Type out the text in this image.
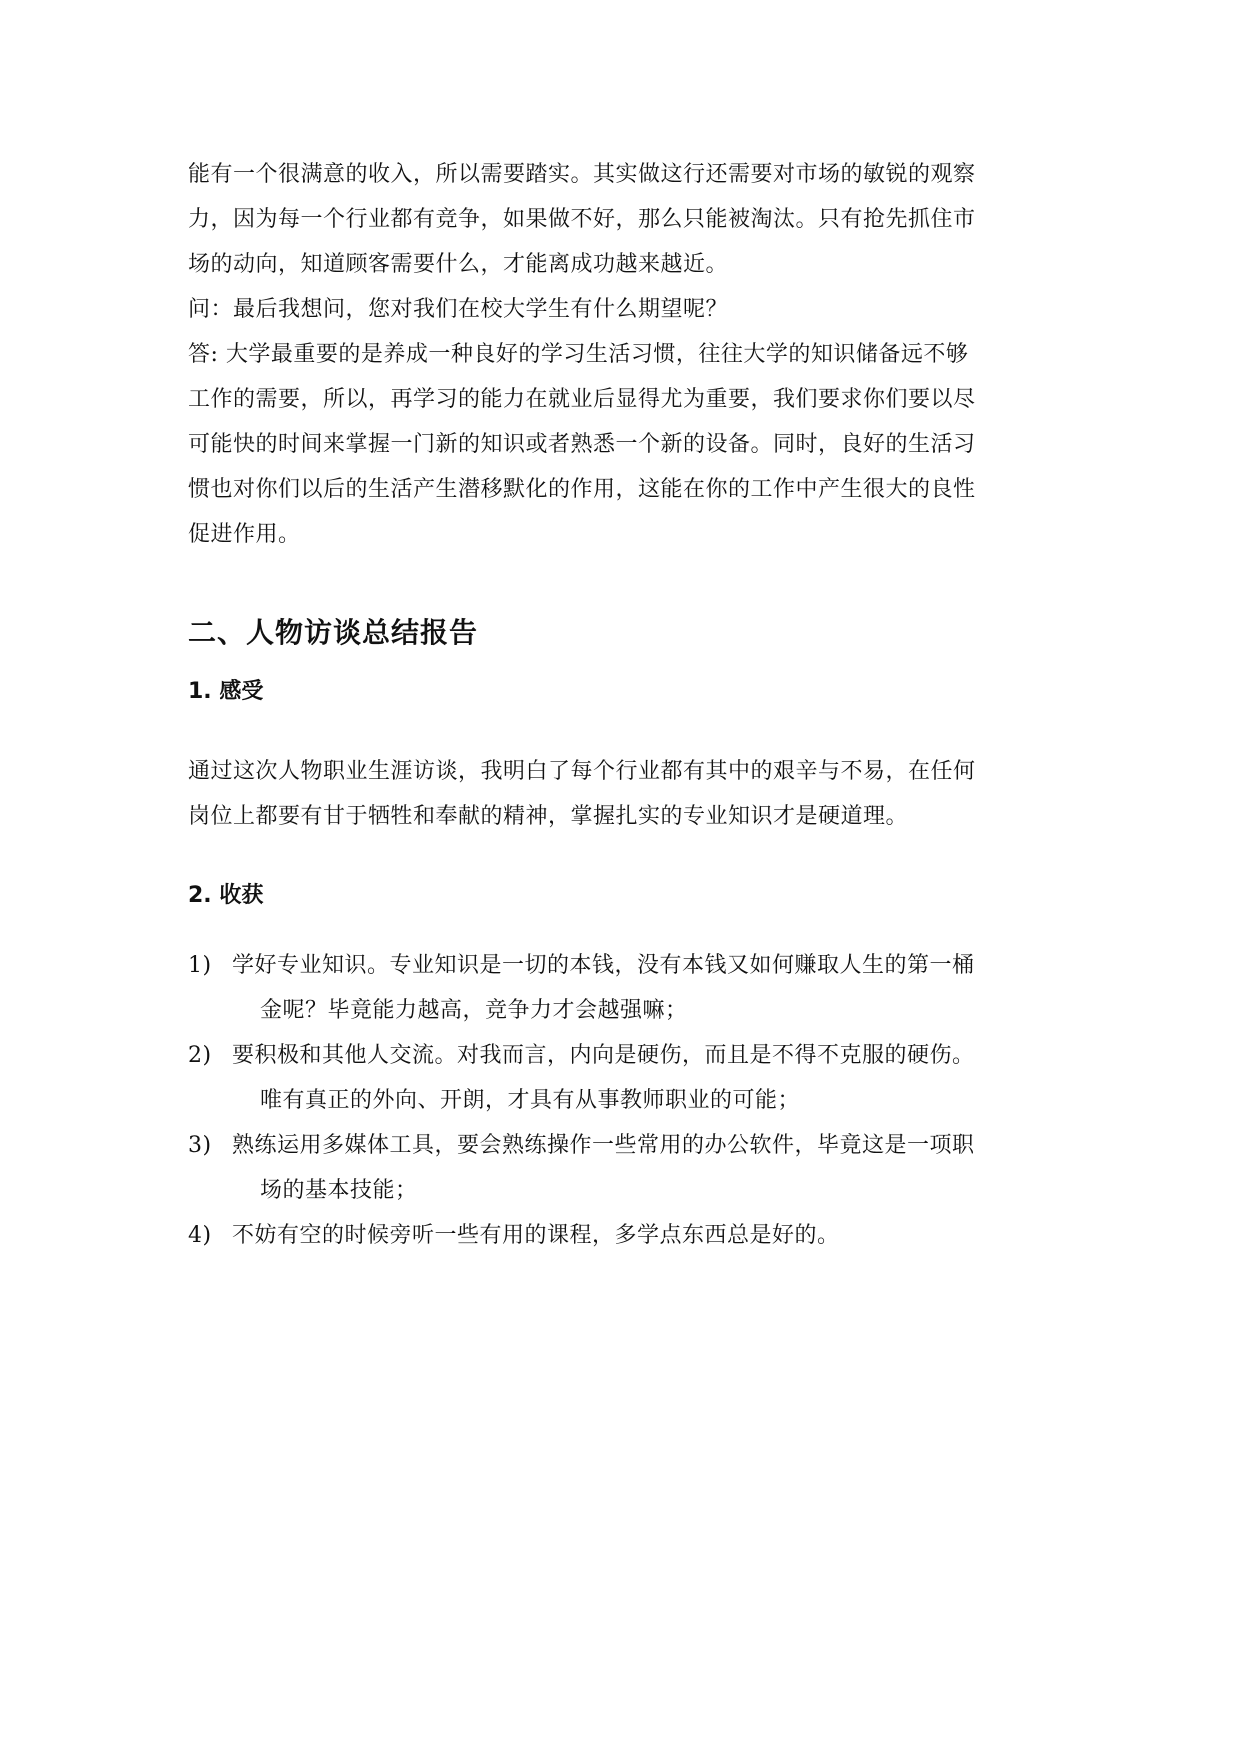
能有一个很满意的收入，所以需要踏实。其实做这行还需要对市场的敏锐的观察
力，因为每一个行业都有竞争，如果做不好，那么只能被淘汰。只有抢先抓住市
场的动向，知道顾客需要什么，才能离成功越来越近。

问：最后我想问，您对我们在校大学生有什么期望呢？

答: 大学最重要的是养成一种良好的学习生活习惯，往往大学的知识储备远不够
工作的需要，所以，再学习的能力在就业后显得尤为重要，我们要求你们要以尽
可能快的时间来掌握一门新的知识或者熟悉一个新的设备。同时，良好的生活习
惯也对你们以后的生活产生潜移默化的作用，这能在你的工作中产生很大的良性
促进作用。

二、人物访谈总结报告
1. 感受

通过这次人物职业生涯访谈，我明白了每个行业都有其中的艰辛与不易，在任何
岗位上都要有甘于牺牲和奉献的精神，掌握扎实的专业知识才是硬道理。

2. 收获
1) 学好专业知识。专业知识是一切的本钱，没有本钱又如何赚取人生的第一桶
金呢？毕竟能力越高，竞争力才会越强嘛；
2) 要积极和其他人交流。对我而言，内向是硬伤，而且是不得不克服的硬伤。
唯有真正的外向、开朗，才具有从事教师职业的可能；
3) 熟练运用多媒体工具，要会熟练操作一些常用的办公软件，毕竟这是一项职
场的基本技能；
4) 不妨有空的时候旁听一些有用的课程，多学点东西总是好的。
